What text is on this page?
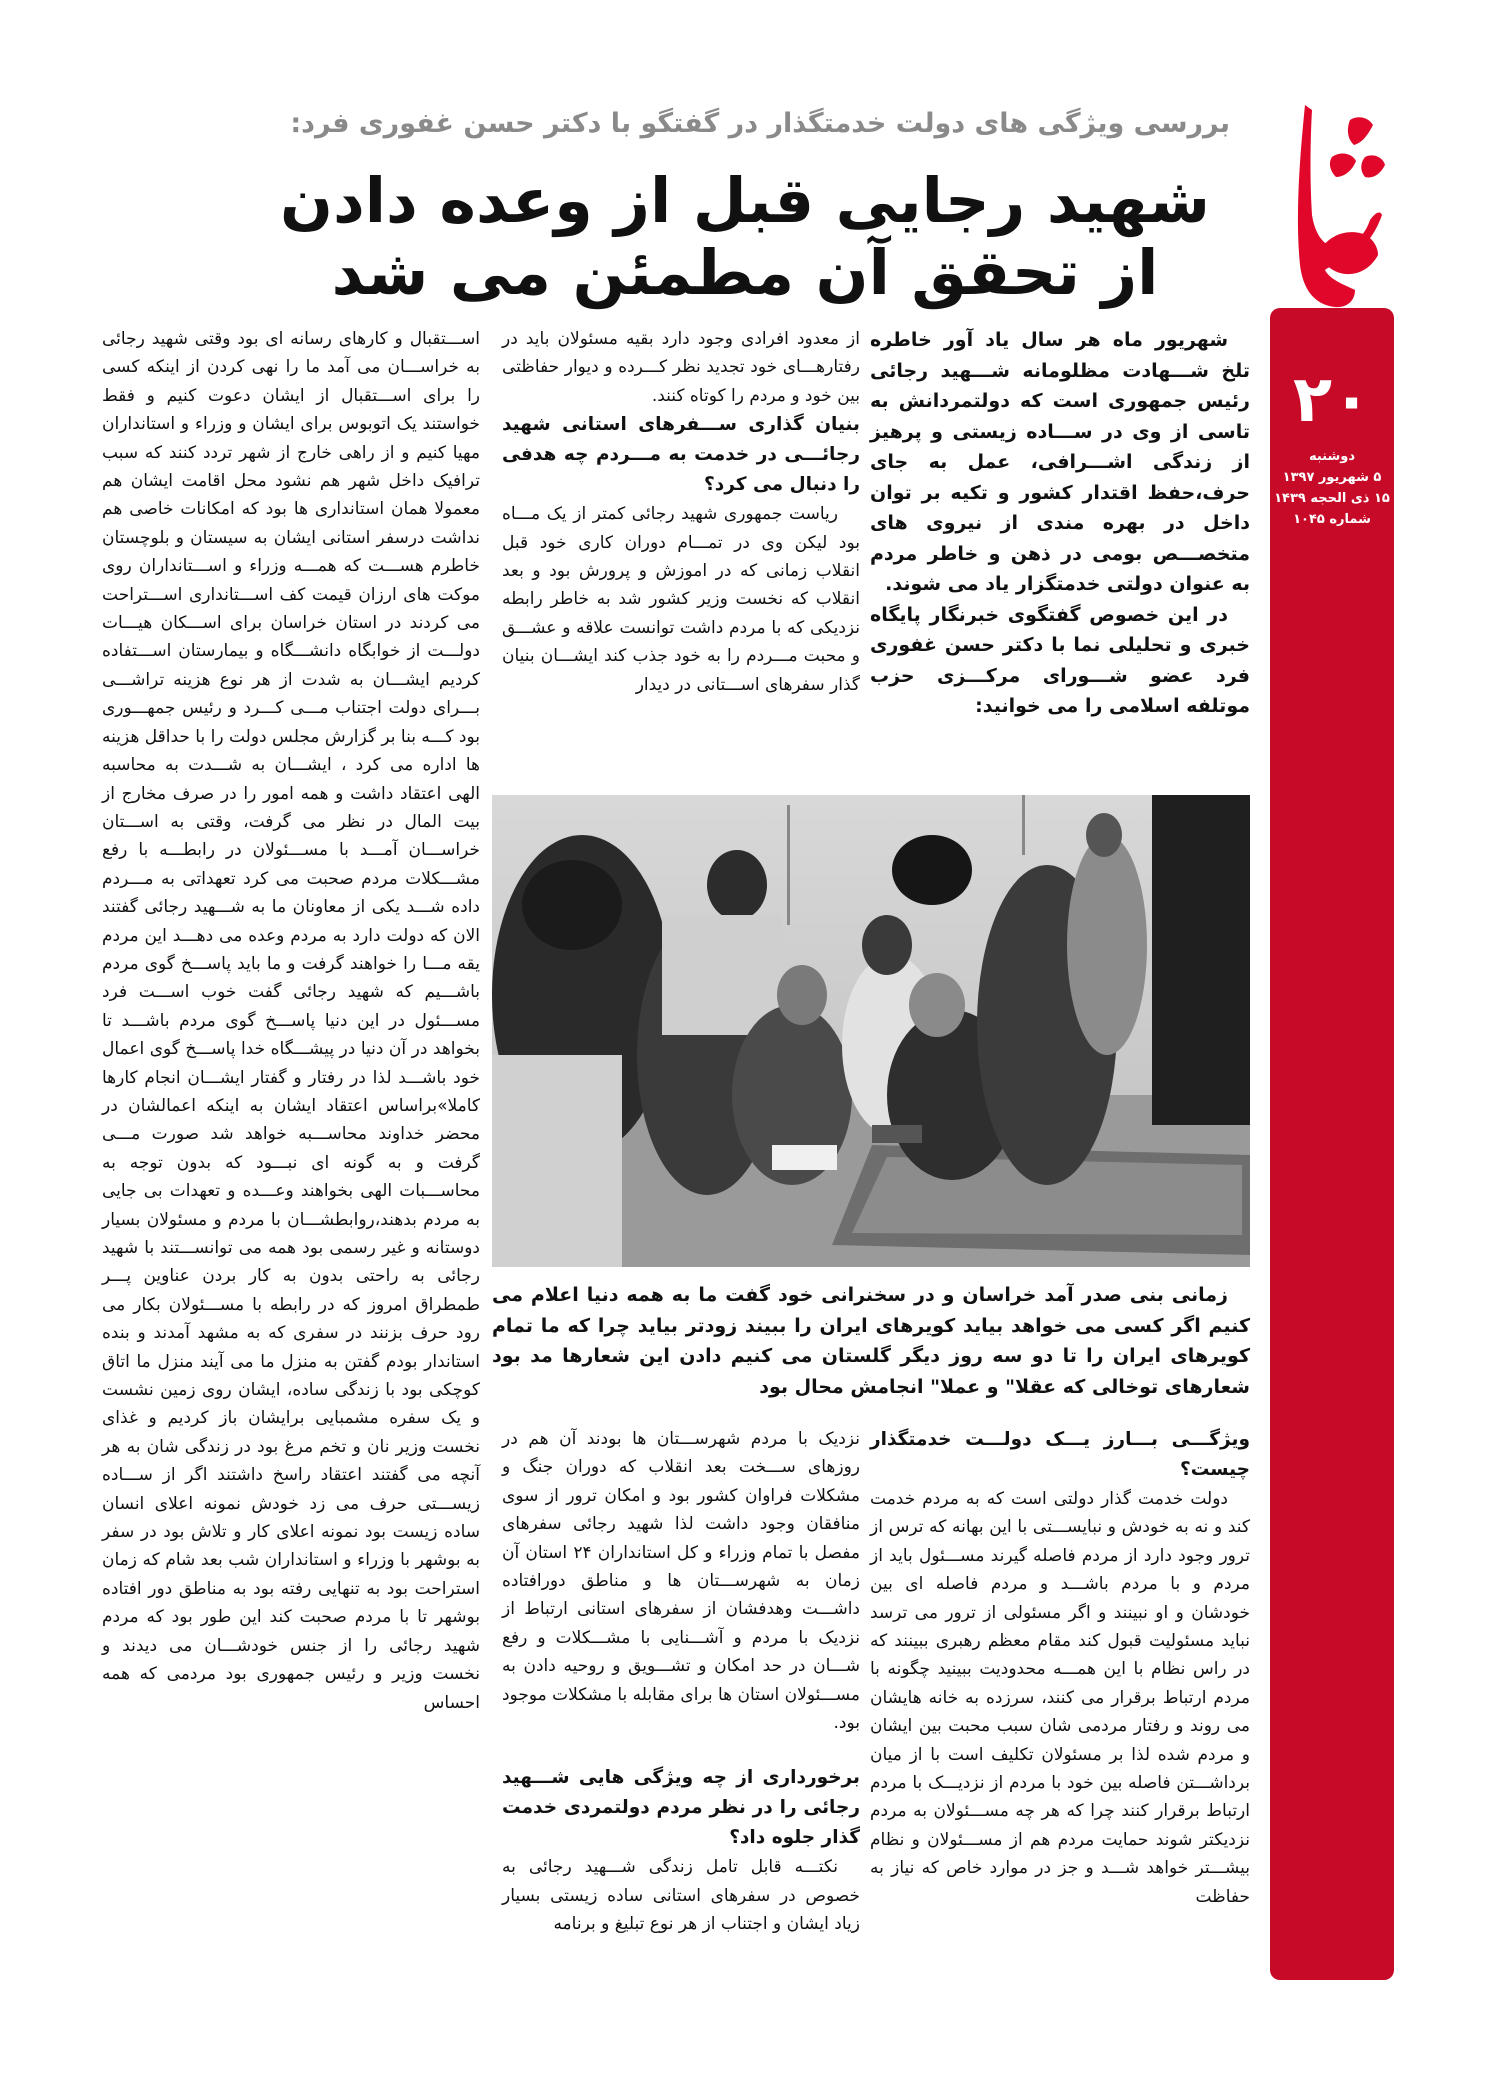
۲۰
دوشنبه
۵ شهریور ۱۳۹۷
۱۵ ذی الحجه ۱۴۳۹
شماره ۱۰۴۵
بررسی ویژگی های دولت خدمتگذار در گفتگو با دکتر حسن غفوری فرد:
شهید رجایی قبل از وعده دادن
از تحقق آن مطمئن می شد

شهریور ماه هر سال یاد آور خاطره تلخ شـــهادت مظلومانه شـــهید رجائی رئیس جمهوری است که دولتمردانش به تاسی از وی در ســـاده زیستی و پرهیز از زندگی اشـــرافی، عمل به جای حرف،حفظ اقتدار کشور و تکیه بر توان داخل در بهره مندی از نیروی های متخصـــص بومی در ذهن و خاطر مردم به عنوان دولتی خدمتگزار یاد می شوند.

در این خصوص گفتگوی خبرنگار پایگاه خبری و تحلیلی نما با دکتر حسن غفوری فرد عضو شـــورای مرکـــزی حزب موتلفه اسلامی را می خوانید:

از معدود افرادی وجود دارد بقیه مسئولان باید در رفتارهـــای خود تجدید نظر کـــرده و دیوار حفاظتی بین خود و مردم را کوتاه کنند.

بنیان گذاری ســـفرهای استانی شهید رجائـــی در خدمت به مـــردم چه هدفی را دنبال می کرد؟

ریاست جمهوری شهید رجائی کمتر از یک مـــاه بود لیکن وی در تمـــام دوران کاری خود قبل انقلاب زمانی که در اموزش و پرورش بود و بعد انقلاب که نخست وزیر کشور شد به خاطر رابطه نزدیکی که با مردم داشت توانست علاقه و عشـــق و محبت مـــردم را به خود جذب کند ایشـــان بنیان گذار سفرهای اســـتانی در دیدار

اســـتقبال و کارهای رسانه ای بود وقتی شهید رجائی به خراســـان می آمد ما را نهی کردن از اینکه کسی را برای اســـتقبال از ایشان دعوت کنیم و فقط خواستند یک اتوبوس برای ایشان و وزراء و استانداران مهیا کنیم و از راهی خارج از شهر تردد کنند که سبب ترافیک داخل شهر هم نشود محل اقامت ایشان هم معمولا همان استانداری ها بود که امکانات خاصی هم نداشت درسفر استانی ایشان به سیستان و بلوچستان خاطرم هســـت که همـــه وزراء و اســـتانداران روی موکت های ارزان قیمت کف اســـتانداری اســـتراحت می کردند در استان خراسان برای اســـکان هیـــات دولـــت از خوابگاه دانشـــگاه و بیمارستان اســـتفاده کردیم ایشـــان به شدت از هر نوع هزینه تراشـــی بـــرای دولت اجتناب مـــی کـــرد و رئیس جمهـــوری بود کـــه بنا بر گزارش مجلس دولت را با حداقل هزینه ها اداره می کرد ، ایشـــان به شـــدت به محاسبه الهی اعتقاد داشت و همه امور را در صرف مخارج از بیت المال در نظر می گرفت، وقتی به اســـتان خراســـان آمـــد با مســـئولان در رابطـــه با رفع مشـــکلات مردم صحبت می کرد تعهداتی به مـــردم داده شـــد یکی از معاونان ما به شـــهید رجائی گفتند الان که دولت دارد به مردم وعده می دهـــد این مردم یقه مـــا را خواهند گرفت و ما باید پاســـخ گوی مردم باشـــیم که شهید رجائی گفت خوب اســـت فرد مســـئول در این دنیا پاســـخ گوی مردم باشـــد تا بخواهد در آن دنیا در پیشـــگاه خدا پاســـخ گوی اعمال خود باشـــد لذا در رفتار و گفتار ایشـــان انجام کارها کاملا»براساس اعتقاد ایشان به اینکه اعمالشان در محضر خداوند محاســـبه خواهد شد صورت مـــی گرفت و به گونه ای نبـــود که بدون توجه به محاســـبات الهی بخواهند وعـــده و تعهدات بی جایی به مردم بدهند،روابطشـــان با مردم و مسئولان بسیار دوستانه و غیر رسمی بود همه می توانســـتند با شهید رجائی به راحتی بدون به کار بردن عناوین پـــر طمطراق امروز که در رابطه با مســـئولان بکار می رود حرف بزنند در سفری که به مشهد آمدند و بنده استاندار بودم گفتن به منزل ما می آیند منزل ما اتاق کوچکی بود با زندگی ساده، ایشان روی زمین نشست و یک سفره مشمبایی برایشان باز کردیم و غذای نخست وزیر نان و تخم مرغ بود در زندگی شان به هر آنچه می گفتند اعتقاد راسخ داشتند اگر از ســـاده زیســـتی حرف می زد خودش نمونه اعلای انسان ساده زیست بود نمونه اعلای کار و تلاش بود در سفر به بوشهر با وزراء و استانداران شب بعد شام که زمان استراحت بود به تنهایی رفته بود به مناطق دور افتاده بوشهر تا با مردم صحبت کند این طور بود که مردم شهید رجائی را از جنس خودشـــان می دیدند و نخست وزیر و رئیس جمهوری بود مردمی که همه احساس

زمانی بنی صدر آمد خراسان و در سخنرانی خود گفت ما به همه دنیا اعلام می کنیم اگر کسی می خواهد بیاید کویرهای ایران را ببیند زودتر بیاید چرا که ما تمام کویرهای ایران را تا دو سه روز دیگر گلستان می کنیم دادن این شعارها مد بود شعارهای توخالی که عقلا" و عملا" انجامش محال بود

ویژگـــی بـــارز یـــک دولـــت خدمتگذار چیست؟

دولت خدمت گذار دولتی است که به مردم خدمت کند و نه به خودش و نبایســـتی با این بهانه که ترس از ترور وجود دارد از مردم فاصله گیرند مســـئول باید از مردم و با مردم باشـــد و مردم فاصله ای بین خودشان و او نبینند و اگر مسئولی از ترور می ترسد نباید مسئولیت قبول کند مقام معظم رهبری ببینند که در راس نظام با این همـــه محدودیت ببینید چگونه با مردم ارتباط برقرار می کنند، سرزده به خانه هایشان می روند و رفتار مردمی شان سبب محبت بین ایشان و مردم شده لذا بر مسئولان تکلیف است با از میان برداشـــتن فاصله بین خود با مردم از نزدیـــک با مردم ارتباط برقرار کنند چرا که هر چه مســـئولان به مردم نزدیکتر شوند حمایت مردم هم از مســـئولان و نظام بیشـــتر خواهد شـــد و جز در موارد خاص که نیاز به حفاظت

نزدیک با مردم شهرســـتان ها بودند آن هم در روزهای ســـخت بعد انقلاب که دوران جنگ و مشکلات فراوان کشور بود و امکان ترور از سوی منافقان وجود داشت لذا شهید رجائی سفرهای مفصل با تمام وزراء و کل استانداران ۲۴ استان آن زمان به شهرســـتان ها و مناطق دورافتاده داشـــت وهدفشان از سفرهای استانی ارتباط از نزدیک با مردم و آشـــنایی با مشـــکلات و رفع شـــان در حد امکان و تشـــویق و روحیه دادن به مســـئولان استان ها برای مقابله با مشکلات موجود بود.

برخورداری از چه ویژگی هایی شـــهید رجائی را در نظر مردم دولتمردی خدمت گذار جلوه داد؟

نکتـــه قابل تامل زندگی شـــهید رجائی به خصوص در سفرهای استانی ساده زیستی بسیار زیاد ایشان و اجتناب از هر نوع تبلیغ و برنامه
